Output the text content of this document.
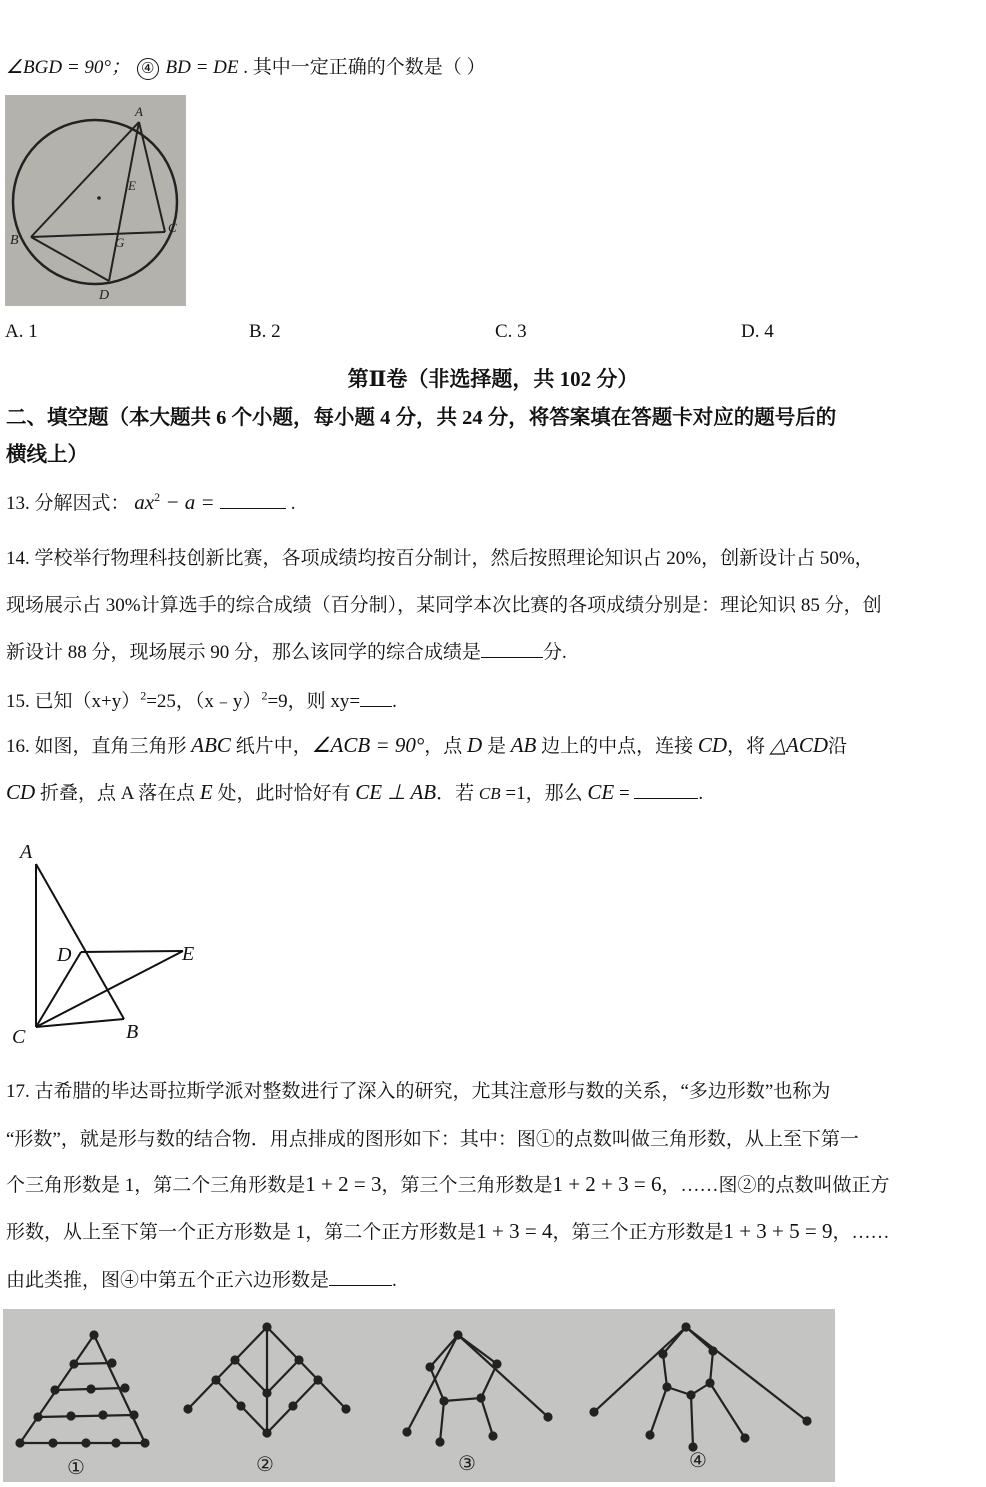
∠BGD = 90°； ④ BD = DE . 其中一定正确的个数是（ ）
A
B
C
D
E
G
A. 1	B. 2	C. 3	D. 4
第Ⅱ卷（非选择题，共 102 分）
二、填空题（本大题共 6 个小题，每小题 4 分，共 24 分，将答案填在答题卡对应的题号后的
横线上）
13. 分解因式： $ax^2 - a$ =	.
14. 学校举行物理科技创新比赛，各项成绩均按百分制计，然后按照理论知识占 20%，创新设计占 50%，
现场展示占 30%计算选手的综合成绩（百分制），某同学本次比赛的各项成绩分别是：理论知识 85 分，创
新设计 88 分，现场展示 90 分，那么该同学的综合成绩是	分.
15. 已知$(x+y)^2=25$，（x﹣y）$^2$=9，则 xy= .
16. 如图，直角三角形 ABC 纸片中，∠ACB = 90°，点 D 是 AB 边上的中点，连接 CD，将 △ACD沿
CD 折叠，点 A 落在点 E 处，此时恰好有 CE ⊥ AB．若 CB =1，那么 CE =	.
A
D	E
C	B
17. 古希腊的毕达哥拉斯学派对整数进行了深入的研究，尤其注意形与数的关系，“多边形数”也称为
“形数”，就是形与数的结合物．用点排成的图形如下：其中：图①的点数叫做三角形数，从上至下第一
个三角形数是 1，第二个三角形数是1 + 2 = 3，第三个三角形数是1 + 2 + 3 = 6，……图②的点数叫做正方
形数，从上至下第一个正方形数是 1，第二个正方形数是1 + 3 = 4，第三个正方形数是1 + 3 + 5 = 9，……
由此类推，图④中第五个正六边形数是	.
①	②	③	④
